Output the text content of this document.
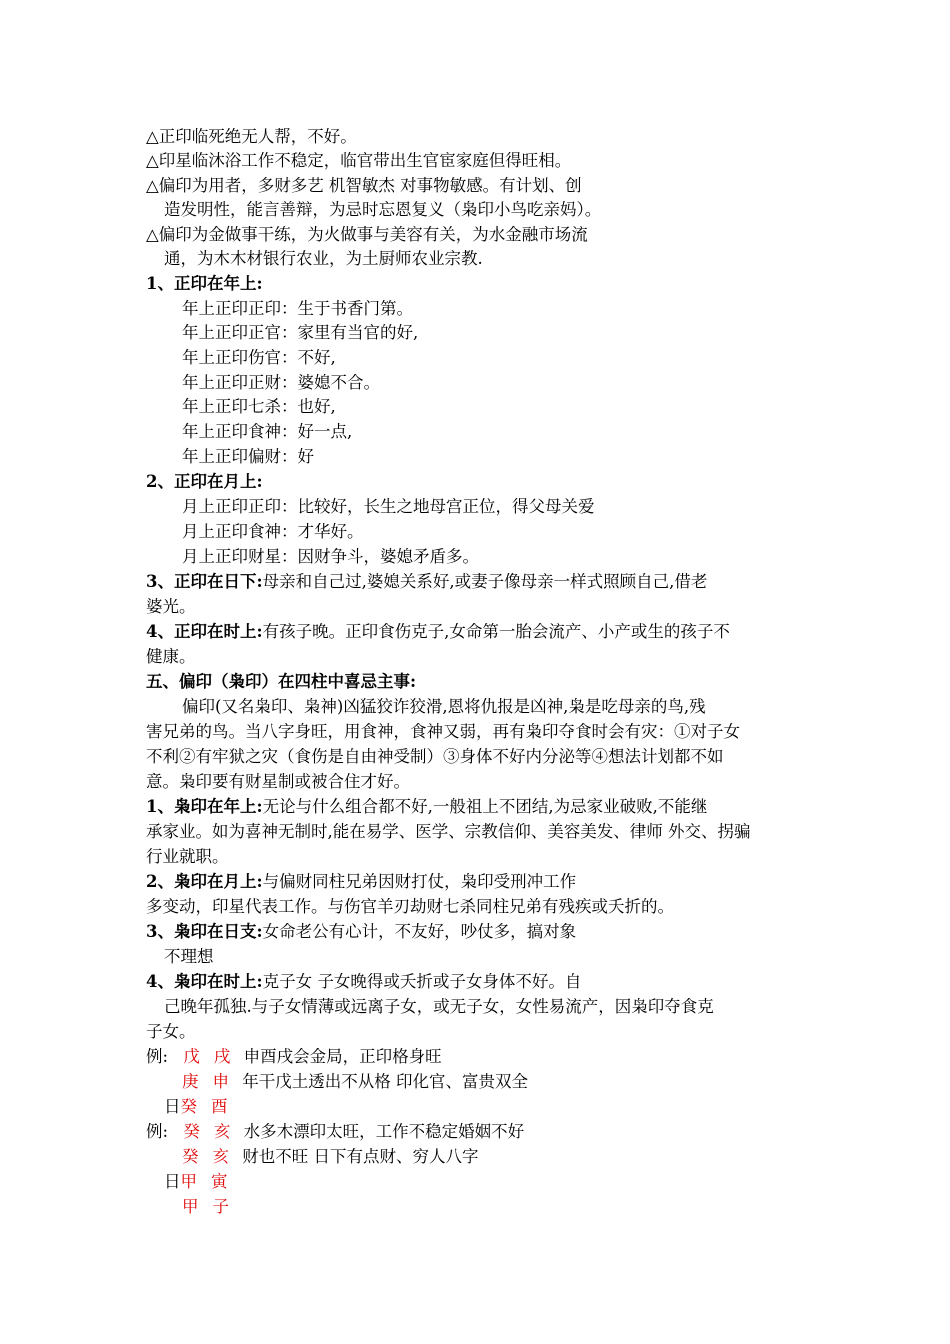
△正印临死绝无人帮，不好。
△印星临沐浴工作不稳定，临官带出生官宦家庭但得旺相。
△偏印为用者，多财多艺 机智敏杰 对事物敏感。有计划、创
造发明性，能言善辩，为忌时忘恩复义（枭印小鸟吃亲妈）。
△偏印为金做事干练，为火做事与美容有关，为水金融市场流
通，为木木材银行农业，为土厨师农业宗教.
1、正印在年上:
年上正印正印：生于书香门第。
年上正印正官：家里有当官的好,
年上正印伤官：不好,
年上正印正财：婆媳不合。
年上正印七杀：也好,
年上正印食神：好一点,
年上正印偏财：好
2、正印在月上:
月上正印正印：比较好，长生之地母宫正位，得父母关爱
月上正印食神：才华好。
月上正印财星：因财争斗，婆媳矛盾多。
3、正印在日下:母亲和自己过,婆媳关系好,或妻子像母亲一样式照顾自己,借老
婆光。
4、正印在时上:有孩子晚。正印食伤克子,女命第一胎会流产、小产或生的孩子不
健康。
五、偏印（枭印）在四柱中喜忌主事:
偏印(又名枭印、枭神)凶猛狡诈狡滑,恩将仇报是凶神,枭是吃母亲的鸟,残
害兄弟的鸟。当八字身旺，用食神，食神又弱，再有枭印夺食时会有灾：①对子女
不利②有牢狱之灾（食伤是自由神受制）③身体不好内分泌等④想法计划都不如
意。枭印要有财星制或被合住才好。
1、枭印在年上:无论与什么组合都不好,一般祖上不团结,为忌家业破败,不能继
承家业。如为喜神无制时,能在易学、医学、宗教信仰、美容美发、律师 外交、拐骗
行业就职。
2、枭印在月上:与偏财同柱兄弟因财打仗，枭印受刑冲工作
多变动，印星代表工作。与伤官羊刃劫财七杀同柱兄弟有残疾或夭折的。
3、枭印在日支:女命老公有心计，不友好，吵仗多，搞对象
不理想
4、枭印在时上:克子女 子女晚得或夭折或子女身体不好。自
己晚年孤独.与子女情薄或远离子女，或无子女，女性易流产，因枭印夺食克
子女。
例: 戊 戌 申酉戌会金局，正印格身旺
庚 申 年干戊土透出不从格 印化官、富贵双全
日癸 酉
例: 癸 亥 水多木漂印太旺，工作不稳定婚姻不好
癸 亥 财也不旺 日下有点财、穷人八字
日甲 寅
甲 子
